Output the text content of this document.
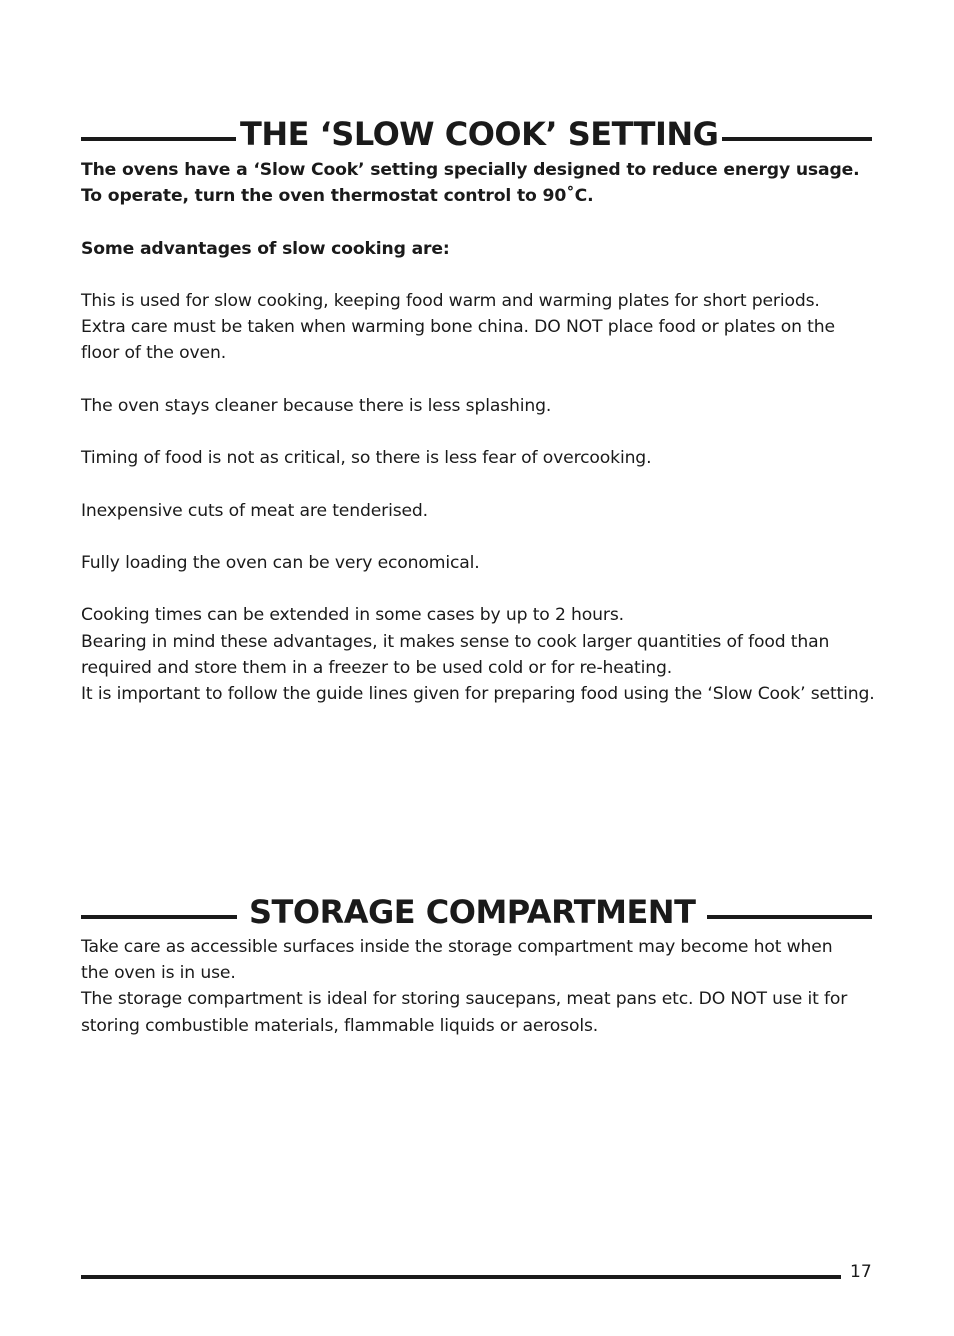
THE ‘SLOW COOK’ SETTING

The ovens have a ‘Slow Cook’ setting specially designed to reduce energy usage.

To operate, turn the oven thermostat control to 90˚C.

Some advantages of slow cooking are:

This is used for slow cooking, keeping food warm and warming plates for short periods. Extra care must be taken when warming bone china. DO NOT place food or plates on the floor of the oven.

The oven stays cleaner because there is less splashing.

Timing of food is not as critical, so there is less fear of overcooking.

Inexpensive cuts of meat are tenderised.

Fully loading the oven can be very economical.

Cooking times can be extended in some cases by up to 2 hours.

Bearing in mind these advantages, it makes sense to cook larger quantities of food than required and store them in a freezer to be used cold or for re-heating.

It is important to follow the guide lines given for preparing food using the ‘Slow Cook’ setting.

STORAGE COMPARTMENT

Take care as accessible surfaces inside the storage compartment may become hot when the oven is in use.

The storage compartment is ideal for storing saucepans, meat pans etc. DO NOT use it for storing combustible materials, flammable liquids or aerosols.

17
